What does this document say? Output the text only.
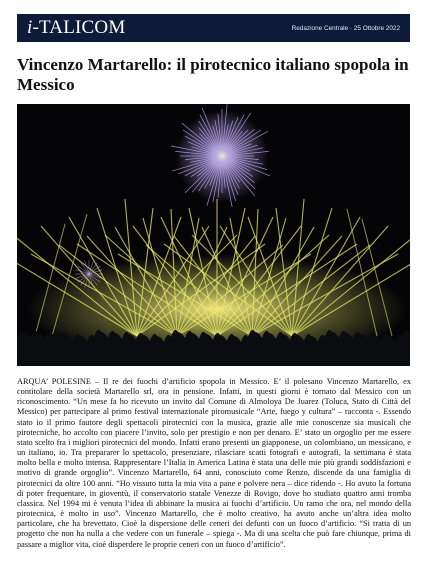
i-TALICOM	Redazione Centrale · 25 Ottobre 2022
Vincenzo Martarello: il pirotecnico italiano spopola in Messico

ARQUA’ POLESINE – Il re dei fuochi d’artificio spopola in Messico. E’ il polesano Vincenzo Martarello, ex contitolare della società Martarello srl, ora in pensione. Infatti, in questi giorni è tornato dal Messico con un riconoscimento. “Un mese fa ho ricevuto un invito dal Comune di Almoloya De Juarez (Toluca, Stato di Città del Messico) per partecipare al primo festival internazionale piromusicale “Arte, fuego y cultura” – racconta -. Essendo stato io il primo fautore degli spettacoli pirotecnici con la musica, grazie alle mie conoscenze sia musicali che pirotecniche, ho accolto con piacere l’invito, solo per prestigio e non per denaro. E’ stato un orgoglio per me essere stato scelto fra i migliori pirotecnici del mondo. Infatti erano presenti un giapponese, un colombiano, un messicano, e un italiano, io. Tra prepararer lo spettacolo, presenziare, rilasciare scatti fotografi e autografi, la settimana è stata molto bella e molto intensa. Rappresentare l’Italia in America Latina è stata una delle mie più grandi soddisfazioni e motivo di grande orgoglio”. Vincenzo Martarello, 64 anni, conosciuto come Renzo, discende da una famiglia di pirotecnici da oltre 100 anni. “Ho vissuto tutta la mia vita a pane e polvere nera – dice ridendo -. Ho avuto la fortuna di poter frequentare, in gioventù, il conservatorio statale Venezze di Rovigo, dove ho studiato quattro anni tromba classica. Nel 1994 mi è venuta l’idea di abbinare la musica ai fuochi d’artificio. Un ramo che ora, nel mondo della pirotecnica, è molto in uso”. Vincenzo Martarello, che è molto creativo, ha avuto anche un’altra idea molto particolare, che ha brevettato. Cioè la dispersione delle ceneri dei defunti con un fuoco d’artificio. “Si tratta di un progetto che non ha nulla a che vedere con un funerale – spiega -. Ma di una scelta che può fare chiunque, prima di passare a miglior vita, cioè disperdere le proprie ceneri con un fuoco d’artificio”.
